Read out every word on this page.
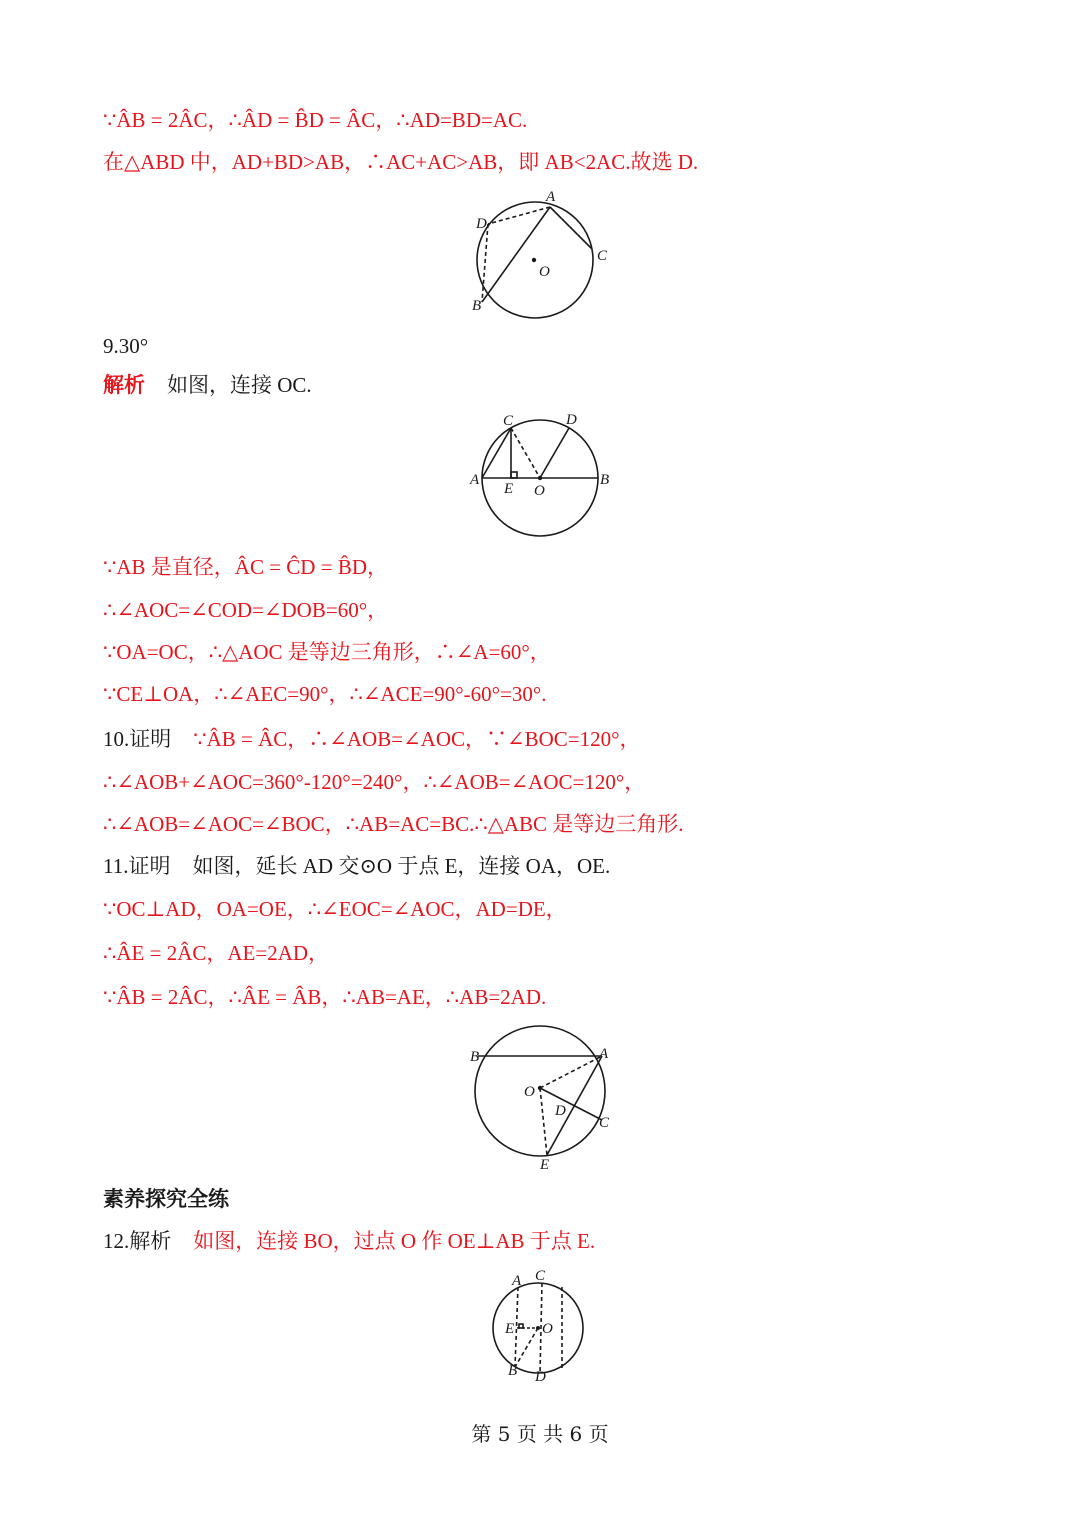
∵ÂB = 2ÂC，∴ÂD = B̂D = ÂC，∴AD=BD=AC.
在△ABD 中，AD+BD>AB，∴AC+AC>AB，即 AB<2AC.故选 D.
A
D
C
O
B
9.30°
解析 如图，连接 OC.
C	D
A	B
E O
∵AB 是直径，ÂC = ĈD = B̂D，
∴∠AOC=∠COD=∠DOB=60°，
∵OA=OC，∴△AOC 是等边三角形，∴∠A=60°，
∵CE⊥OA，∴∠AEC=90°，∴∠ACE=90°-60°=30°.
10.证明 ∵ÂB = ÂC，∴∠AOB=∠AOC，∵∠BOC=120°，
∴∠AOB+∠AOC=360°-120°=240°，∴∠AOB=∠AOC=120°，
∴∠AOB=∠AOC=∠BOC，∴AB=AC=BC.∴△ABC 是等边三角形.
11.证明 如图，延长 AD 交⊙O 于点 E，连接 OA，OE.
∵OC⊥AD，OA=OE，∴∠EOC=∠AOC，AD=DE，
∴ÂE = 2ÂC，AE=2AD，
∵ÂB = 2ÂC，∴ÂE = ÂB，∴AB=AE，∴AB=2AD.
B	A
O
D
C
E
素养探究全练
12.解析 如图，连接 BO，过点 O 作 OE⊥AB 于点 E.
A C
E O
B D
第 5 页 共 6 页
